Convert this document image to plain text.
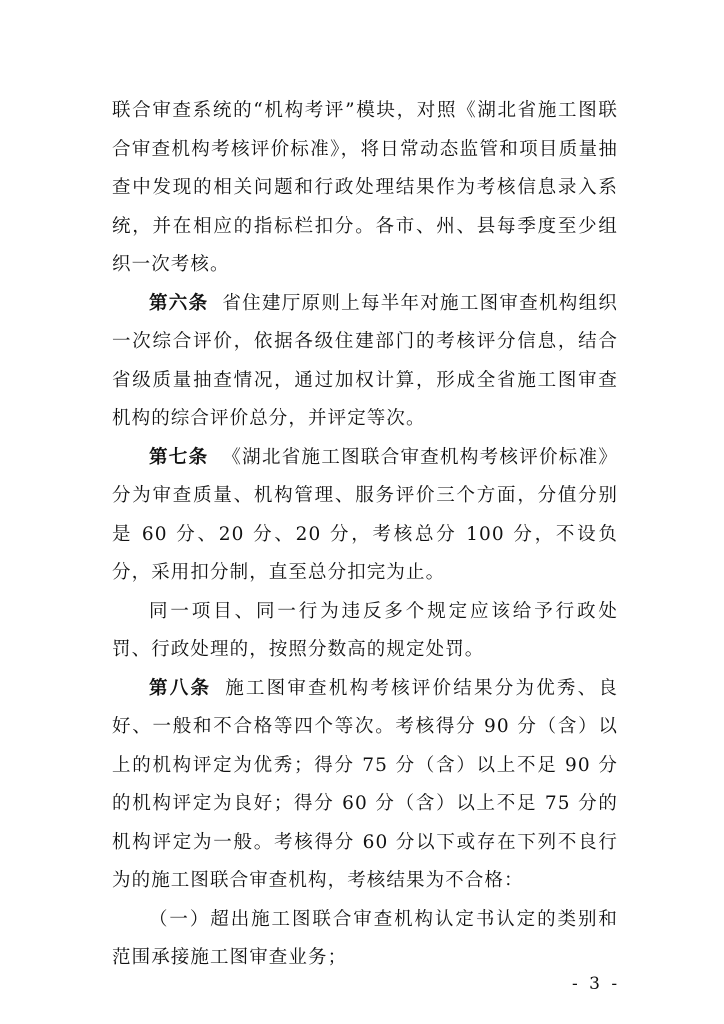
联合审查系统的“机构考评”模块，对照《湖北省施工图联合审查机构考核评价标准》，将日常动态监管和项目质量抽查中发现的相关问题和行政处理结果作为考核信息录入系统，并在相应的指标栏扣分。各市、州、县每季度至少组织一次考核。

第六条 省住建厅原则上每半年对施工图审查机构组织一次综合评价，依据各级住建部门的考核评分信息，结合省级质量抽查情况，通过加权计算，形成全省施工图审查机构的综合评价总分，并评定等次。

第七条 《湖北省施工图联合审查机构考核评价标准》分为审查质量、机构管理、服务评价三个方面，分值分别是 60 分、20 分、20 分，考核总分 100 分，不设负分，采用扣分制，直至总分扣完为止。

同一项目、同一行为违反多个规定应该给予行政处罚、行政处理的，按照分数高的规定处罚。

第八条 施工图审查机构考核评价结果分为优秀、良好、一般和不合格等四个等次。考核得分 90 分（含）以上的机构评定为优秀；得分 75 分（含）以上不足 90 分的机构评定为良好；得分 60 分（含）以上不足 75 分的机构评定为一般。考核得分 60 分以下或存在下列不良行为的施工图联合审查机构，考核结果为不合格：

（一）超出施工图联合审查机构认定书认定的类别和范围承接施工图审查业务；

- 3 -
